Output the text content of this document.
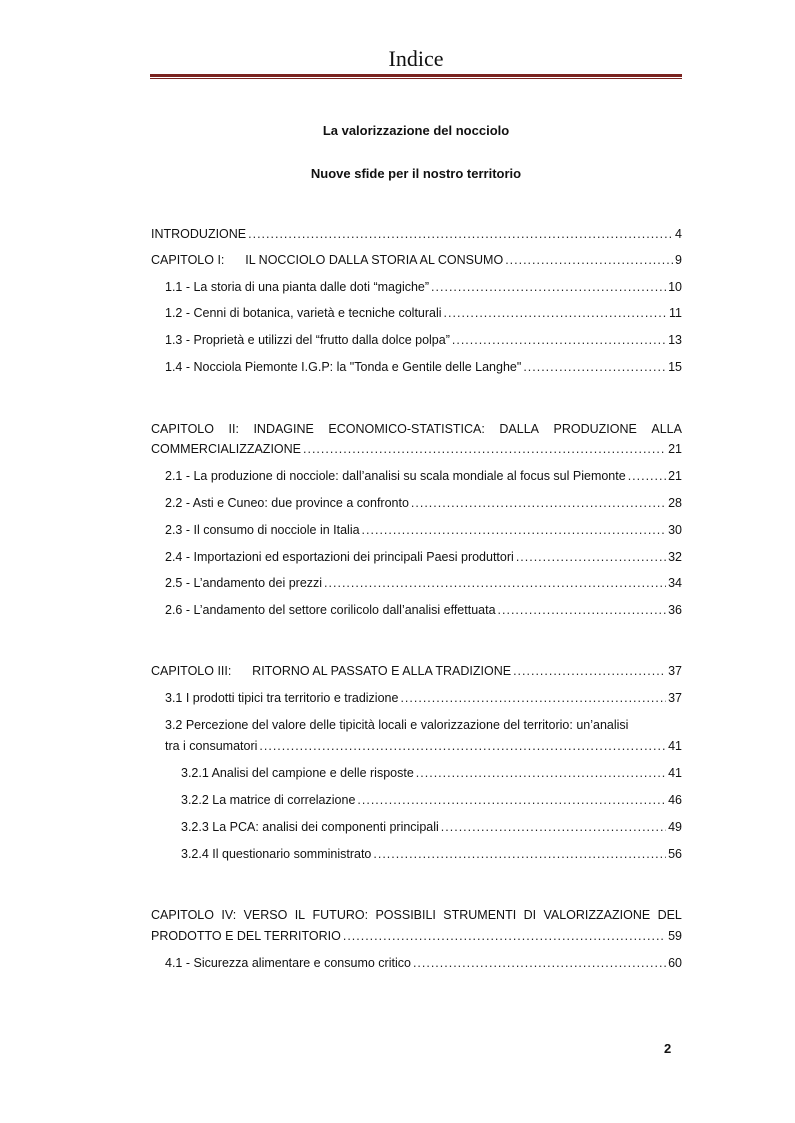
Indice
La valorizzazione del nocciolo
Nuove sfide per il nostro territorio
INTRODUZIONE .....	4
CAPITOLO I:      IL NOCCIOLO DALLA STORIA AL CONSUMO .....	9
1.1 - La storia di una pianta dalle doti “magiche” .....	10
1.2 - Cenni di botanica, varietà e tecniche colturali .....	11
1.3 - Proprietà e utilizzi del “frutto dalla dolce polpa” .....	13
1.4 - Nocciola Piemonte I.G.P: la "Tonda e Gentile delle Langhe" .....	15
CAPITOLO II: INDAGINE ECONOMICO-STATISTICA: DALLA PRODUZIONE ALLA
COMMERCIALIZZAZIONE .....	21
2.1 - La produzione di nocciole: dall’analisi su scala mondiale al focus sul Piemonte .....	21
2.2 - Asti e Cuneo: due province a confronto .....	28
2.3 - Il consumo di nocciole in Italia .....	30
2.4 - Importazioni ed esportazioni dei principali Paesi produttori .....	32
2.5 - L’andamento dei prezzi .....	34
2.6 - L’andamento del settore corilicolo dall’analisi effettuata .....	36
CAPITOLO III:      RITORNO AL PASSATO E ALLA TRADIZIONE .....	37
3.1 I prodotti tipici tra territorio e tradizione .....	37
3.2 Percezione del valore delle tipicità locali e valorizzazione del territorio: un’analisi
tra i consumatori .....	41
3.2.1 Analisi del campione e delle risposte .....	41
3.2.2 La matrice di correlazione .....	46
3.2.3 La PCA: analisi dei componenti principali .....	49
3.2.4 Il questionario somministrato .....	56
CAPITOLO IV: VERSO IL FUTURO: POSSIBILI STRUMENTI DI VALORIZZAZIONE DEL
PRODOTTO E DEL TERRITORIO .....	59
4.1 - Sicurezza alimentare e consumo critico .....	60
2
